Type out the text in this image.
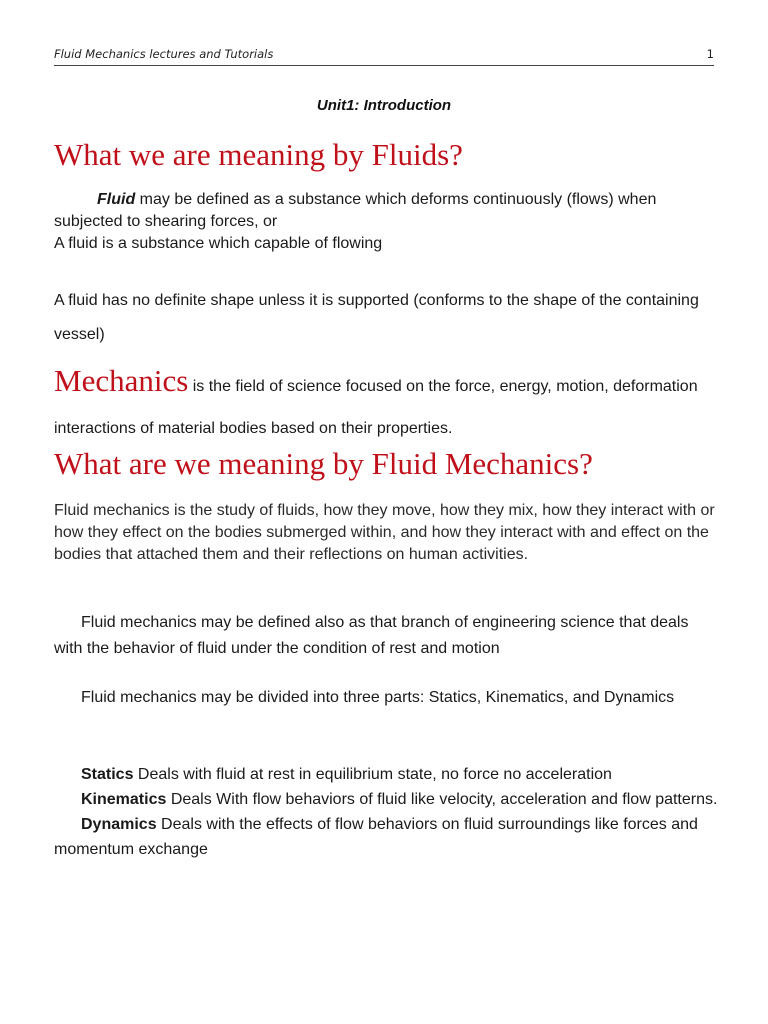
Fluid Mechanics lectures and Tutorials	1
Unit1: Introduction
What we are meaning by Fluids?
Fluid may be defined as a substance which deforms continuously (flows) when subjected to shearing forces, or
A fluid is a substance which capable of flowing
A fluid has no definite shape unless it is supported (conforms to the shape of the containing vessel)
Mechanics is the field of science focused on the force, energy, motion, deformation interactions of material bodies based on their properties.
What are we meaning by Fluid Mechanics?
Fluid mechanics is the study of fluids, how they move, how they mix, how they interact with or how they effect on the bodies submerged within, and how they interact with and effect on the bodies that attached them and their reflections on human activities.
Fluid mechanics may be defined also as that branch of engineering science that deals with the behavior of fluid under the condition of rest and motion
Fluid mechanics may be divided into three parts: Statics, Kinematics, and Dynamics
Statics Deals with fluid at rest in equilibrium state, no force no acceleration
Kinematics Deals With flow behaviors of fluid like velocity, acceleration and flow patterns.
Dynamics Deals with the effects of flow behaviors on fluid surroundings like forces and momentum exchange
